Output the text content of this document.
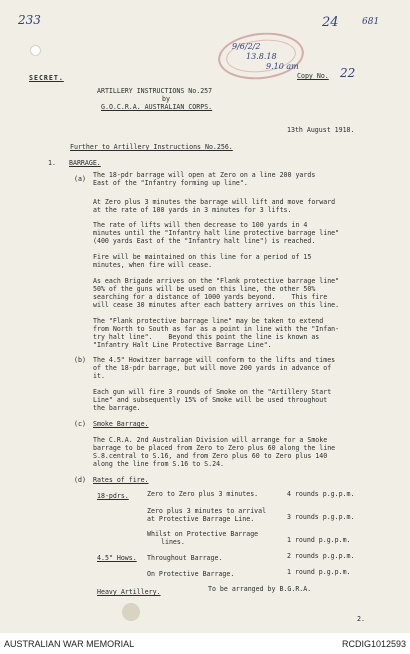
233	24	681
9/6/2/2
13.8.18
9.10 am
SECRET.	Copy No. 22
ARTILLERY INSTRUCTIONS No.257
by
G.O.C.R.A. AUSTRALIAN CORPS.
13th August 1918.
Further to Artillery Instructions No.256.
1. BARRAGE.
(a) The 18-pdr barrage will open at Zero on a line 200 yards
East of the "Infantry forming up line".
At Zero plus 3 minutes the barrage will lift and move forward
at the rate of 100 yards in 3 minutes for 3 lifts.
The rate of lifts will then decrease to 100 yards in 4
minutes until the "Infantry halt line protective barrage line"
(400 yards East of the "Infantry halt line") is reached.
Fire will be maintained on this line for a period of 15
minutes, when fire will cease.
As each Brigade arrives on the "Flank protective barrage line"
50% of the guns will be used on this line, the other 50%
searching for a distance of 1000 yards beyond.    This fire
will cease 30 minutes after each battery arrives on this line.
The "Flank protective barrage line" may be taken to extend
from North to South as far as a point in line with the "Infan-
try halt line".    Beyond this point the line is known as
"Infantry Halt Line Protective Barrage Line".
(b) The 4.5" Howitzer barrage will conform to the lifts and times
of the 18-pdr barrage, but will move 200 yards in advance of
it.
Each gun will fire 3 rounds of Smoke on the "Artillery Start
Line" and subsequently 15% of Smoke will be used throughout
the barrage.
(c) Smoke Barrage.
The C.R.A. 2nd Australian Division will arrange for a Smoke
barrage to be placed from Zero to Zero plus 60 along the line
S.8.central to S.16, and from Zero plus 60 to Zero plus 140
along the line from S.16 to S.24.
(d) Rates of fire.
18-pdrs.	Zero to Zero plus 3 minutes.	4 rounds p.g.p.m.
Zero plus 3 minutes to arrival
at Protective Barrage Line.	3 rounds p.g.p.m.
Whilst on Protective Barrage
lines.	1 round p.g.p.m.
4.5" Hows. Throughout Barrage.	2 rounds p.g.p.m.
On Protective Barrage.	1 round p.g.p.m.
Heavy Artillery.	To be arranged by B.G.R.A.
2.
AUSTRALIAN WAR MEMORIAL	RCDIG1012593
